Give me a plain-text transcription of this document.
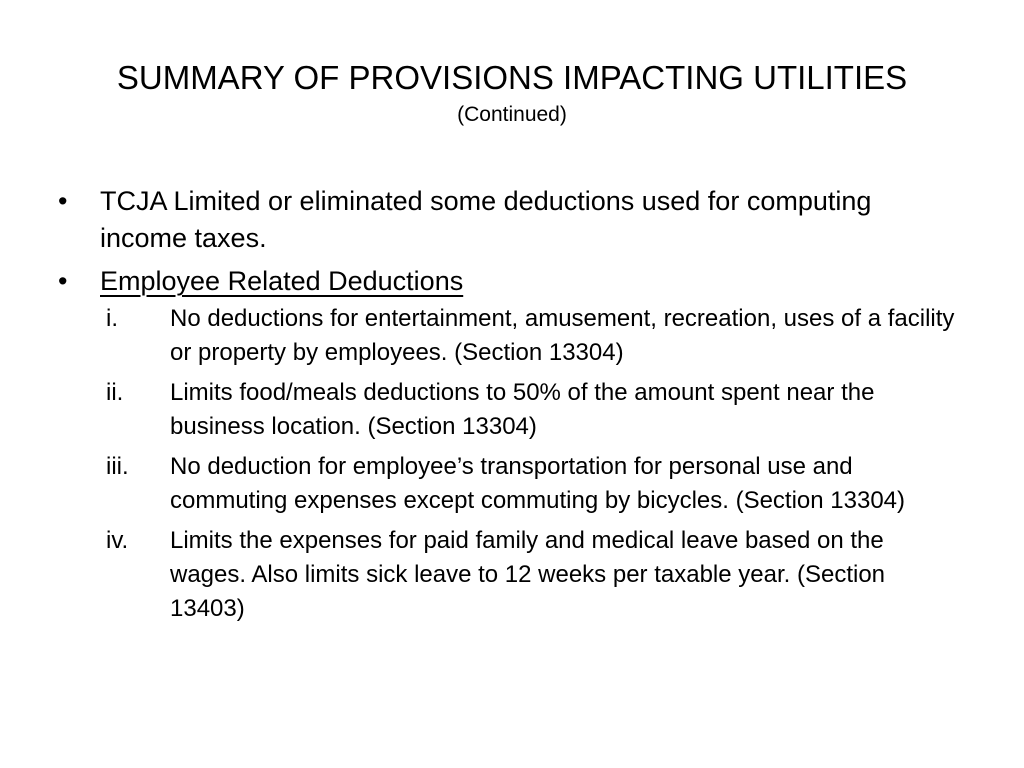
SUMMARY OF PROVISIONS IMPACTING UTILITIES
(Continued)
•	TCJA Limited or eliminated some deductions used for computing income taxes.
•	Employee Related Deductions
i.	No deductions for entertainment, amusement, recreation, uses of a facility or property by employees. (Section 13304)
ii.	Limits food/meals deductions to 50% of the amount spent near the business location. (Section 13304)
iii.	No deduction for employee’s transportation for personal use and commuting expenses except commuting by bicycles. (Section 13304)
iv.	Limits the expenses for paid family and medical leave based on the wages. Also limits sick leave to 12 weeks per taxable year. (Section 13403)
